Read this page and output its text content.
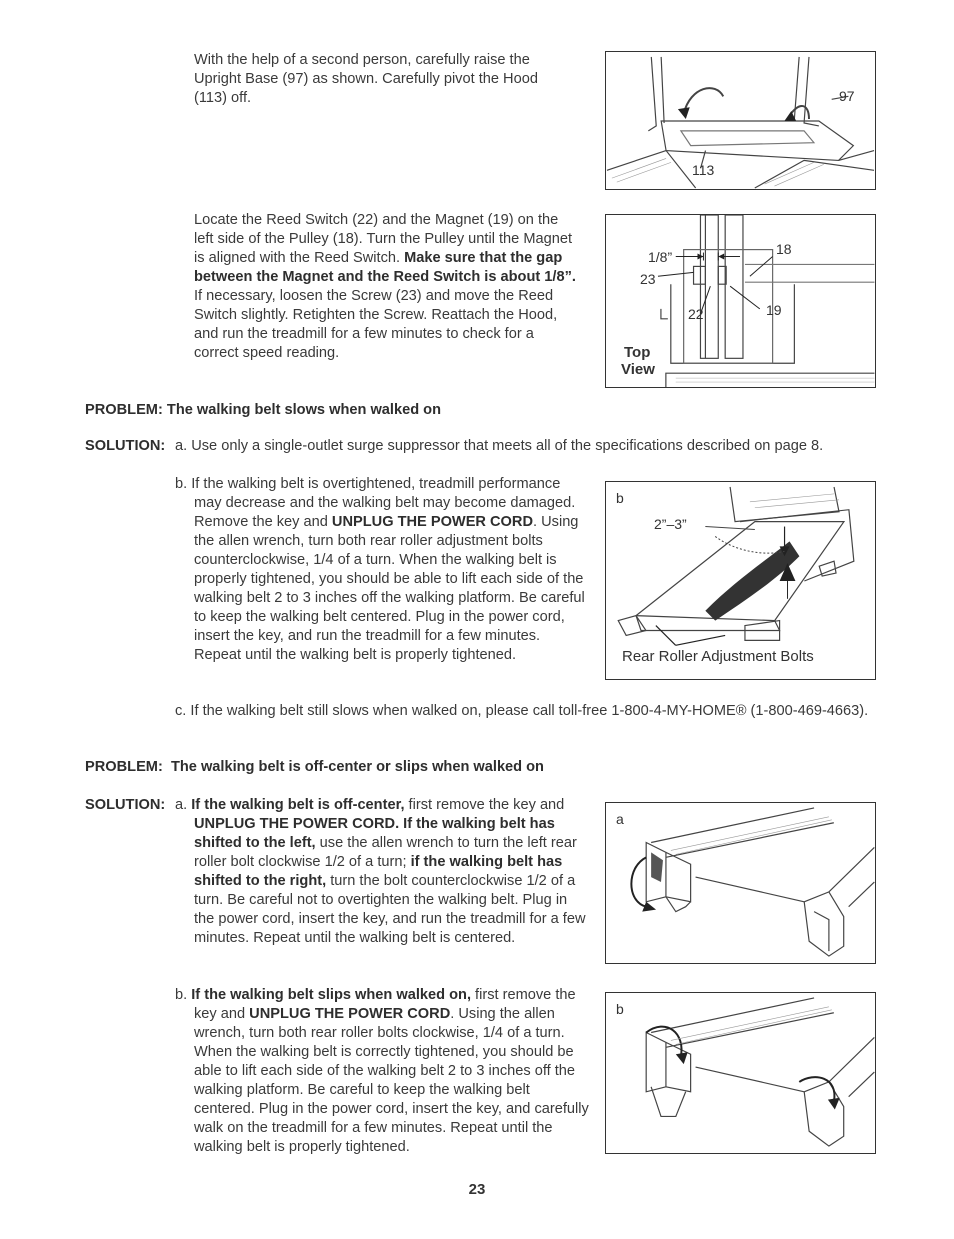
With the help of a second person, carefully raise the Upright Base (97) as shown. Carefully pivot the Hood (113) off.	97
113
Locate the Reed Switch (22) and the Magnet (19) on the left side of the Pulley (18). Turn the Pulley until the Magnet is aligned with the Reed Switch. Make sure that the gap between the Magnet and the Reed Switch is about 1/8”. If necessary, loosen the Screw (23) and move the Reed Switch slightly. Retighten the Screw. Reattach the Hood, and run the treadmill for a few minutes to check for a correct speed reading.
1/8”	18
23
22	19
Top
View
PROBLEM: The walking belt slows when walked on
SOLUTION: a. Use only a single-outlet surge suppressor that meets all of the specifications described on page 8.
b. If the walking belt is overtightened, treadmill performance may decrease and the walking belt may become damaged. Remove the key and UNPLUG THE POWER CORD. Using the allen wrench, turn both rear roller adjustment bolts counterclockwise, 1/4 of a turn. When the walking belt is properly tightened, you should be able to lift each side of the walking belt 2 to 3 inches off the walking platform. Be careful to keep the walking belt centered. Plug in the power cord, insert the key, and run the treadmill for a few minutes. Repeat until the walking belt is properly tightened.
b
2”–3”
Rear Roller Adjustment Bolts
c. If the walking belt still slows when walked on, please call toll-free 1-800-4-MY-HOME® (1-800-469-4663).
PROBLEM: The walking belt is off-center or slips when walked on
SOLUTION: a. If the walking belt is off-center, first remove the key and UNPLUG THE POWER CORD. If the walking belt has shifted to the left, use the allen wrench to turn the left rear roller bolt clockwise 1/2 of a turn; if the walking belt has shifted to the right, turn the bolt counterclockwise 1/2 of a turn. Be careful not to overtighten the walking belt. Plug in the power cord, insert the key, and run the treadmill for a few minutes. Repeat until the walking belt is centered.
a
b. If the walking belt slips when walked on, first remove the key and UNPLUG THE POWER CORD. Using the allen wrench, turn both rear roller bolts clockwise, 1/4 of a turn. When the walking belt is correctly tightened, you should be able to lift each side of the walking belt 2 to 3 inches off the walking platform. Be careful to keep the walking belt centered. Plug in the power cord, insert the key, and carefully walk on the treadmill for a few minutes. Repeat until the walking belt is properly tightened.
b
23
